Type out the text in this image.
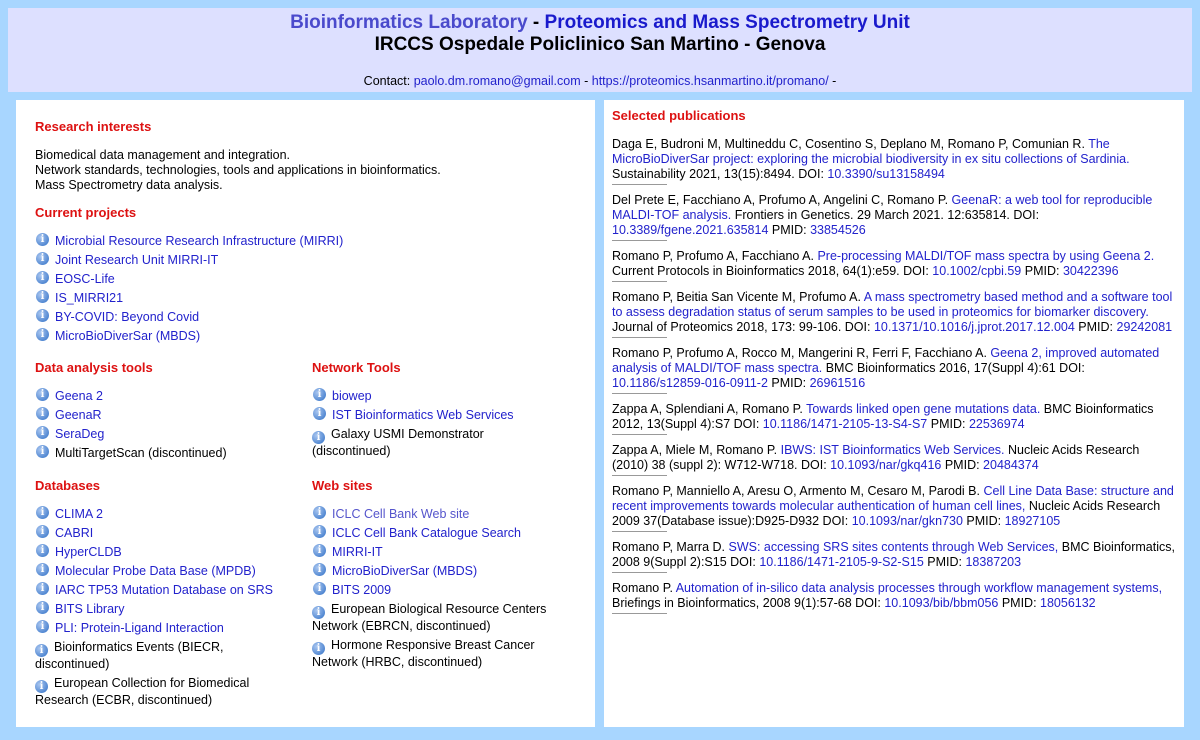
Bioinformatics Laboratory - Proteomics and Mass Spectrometry Unit
IRCCS Ospedale Policlinico San Martino - Genova
Contact: paolo.dm.romano@gmail.com - https://proteomics.hsanmartino.it/promano/ -
Research interests
Biomedical data management and integration.
Network standards, technologies, tools and applications in bioinformatics.
Mass Spectrometry data analysis.
Current projects
i Microbial Resource Research Infrastructure (MIRRI)
i Joint Research Unit MIRRI-IT
i EOSC-Life
i IS_MIRRI21
i BY-COVID: Beyond Covid
i MicroBioDiverSar (MBDS)
Data analysis tools
i Geena 2
i GeenaR
i SeraDeg
i MultiTargetScan (discontinued)
Network Tools
i biowep
i IST Bioinformatics Web Services
i Galaxy USMI Demonstrator
(discontinued)
Databases
i CLIMA 2
i CABRI
i HyperCLDB
i Molecular Probe Data Base (MPDB)
i IARC TP53 Mutation Database on SRS
i BITS Library
i PLI: Protein-Ligand Interaction
i Bioinformatics Events (BIECR,
discontinued)
i European Collection for Biomedical
Research (ECBR, discontinued)
Web sites
i ICLC Cell Bank Web site
i ICLC Cell Bank Catalogue Search
i MIRRI-IT
i MicroBioDiverSar (MBDS)
i BITS 2009
i European Biological Resource Centers
Network (EBRCN, discontinued)
i Hormone Responsive Breast Cancer
Network (HRBC, discontinued)
Selected publications
Daga E, Budroni M, Multineddu C, Cosentino S, Deplano M, Romano P, Comunian R. The MicroBioDiverSar project: exploring the microbial biodiversity in ex situ collections of Sardinia. Sustainability 2021, 13(15):8494. DOI: 10.3390/su13158494
Del Prete E, Facchiano A, Profumo A, Angelini C, Romano P. GeenaR: a web tool for reproducible MALDI-TOF analysis. Frontiers in Genetics. 29 March 2021. 12:635814. DOI: 10.3389/fgene.2021.635814 PMID: 33854526
Romano P, Profumo A, Facchiano A. Pre-processing MALDI/TOF mass spectra by using Geena 2. Current Protocols in Bioinformatics 2018, 64(1):e59. DOI: 10.1002/cpbi.59 PMID: 30422396
Romano P, Beitia San Vicente M, Profumo A. A mass spectrometry based method and a software tool to assess degradation status of serum samples to be used in proteomics for biomarker discovery. Journal of Proteomics 2018, 173: 99-106. DOI: 10.1371/10.1016/j.jprot.2017.12.004 PMID: 29242081
Romano P, Profumo A, Rocco M, Mangerini R, Ferri F, Facchiano A. Geena 2, improved automated analysis of MALDI/TOF mass spectra. BMC Bioinformatics 2016, 17(Suppl 4):61 DOI: 10.1186/s12859-016-0911-2 PMID: 26961516
Zappa A, Splendiani A, Romano P. Towards linked open gene mutations data. BMC Bioinformatics 2012, 13(Suppl 4):S7 DOI: 10.1186/1471-2105-13-S4-S7 PMID: 22536974
Zappa A, Miele M, Romano P. IBWS: IST Bioinformatics Web Services. Nucleic Acids Research (2010) 38 (suppl 2): W712-W718. DOI: 10.1093/nar/gkq416 PMID: 20484374
Romano P, Manniello A, Aresu O, Armento M, Cesaro M, Parodi B. Cell Line Data Base: structure and recent improvements towards molecular authentication of human cell lines, Nucleic Acids Research 2009 37(Database issue):D925-D932 DOI: 10.1093/nar/gkn730 PMID: 18927105
Romano P, Marra D. SWS: accessing SRS sites contents through Web Services, BMC Bioinformatics, 2008 9(Suppl 2):S15 DOI: 10.1186/1471-2105-9-S2-S15 PMID: 18387203
Romano P. Automation of in-silico data analysis processes through workflow management systems, Briefings in Bioinformatics, 2008 9(1):57-68 DOI: 10.1093/bib/bbm056 PMID: 18056132
